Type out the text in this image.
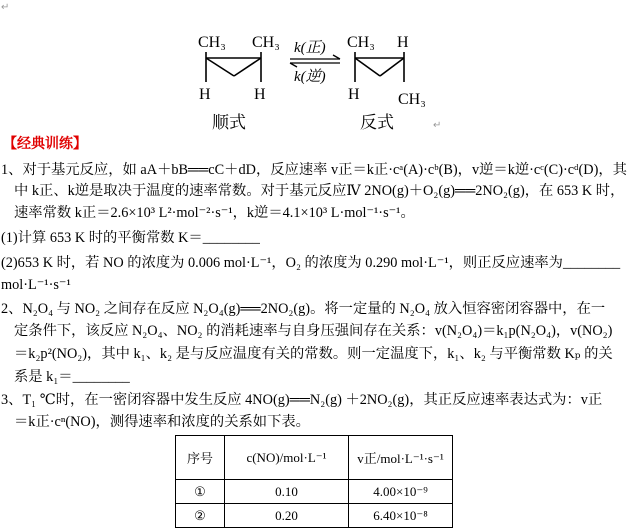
↵
CH₃ CH₃
H	H
顺式
k(正)
k(逆)
CH₃ H
H CH₃
反式	↵
【经典训练】
1、对于基元反应，如 aA＋bB══cC＋dD，反应速率 v正＝k正·cᵃ(A)·cᵇ(B)，v逆＝k逆·cᶜ(C)·cᵈ(D)，其
中 k正、k逆是取决于温度的速率常数。对于基元反应Ⅳ 2NO(g)＋O₂(g)══2NO₂(g)，在 653 K 时，
速率常数 k正＝2.6×10³ L²·mol⁻²·s⁻¹，k逆＝4.1×10³ L·mol⁻¹·s⁻¹。
(1)计算 653 K 时的平衡常数 K＝________
(2)653 K 时，若 NO 的浓度为 0.006 mol·L⁻¹，O₂ 的浓度为 0.290 mol·L⁻¹，则正反应速率为________
mol·L⁻¹·s⁻¹
2、N₂O₄ 与 NO₂ 之间存在反应 N₂O₄(g)══2NO₂(g)。将一定量的 N₂O₄ 放入恒容密闭容器中，在一
定条件下，该反应 N₂O₄、NO₂ 的消耗速率与自身压强间存在关系：v(N₂O₄)＝k₁p(N₂O₄)，v(NO₂)
＝k₂p²(NO₂)，其中 k₁、k₂ 是与反应温度有关的常数。则一定温度下，k₁、k₂ 与平衡常数 Kₚ 的关
系是 k₁＝________
3、T₁ ℃时，在一密闭容器中发生反应 4NO(g)══N₂(g) ＋2NO₂(g)，其正反应速率表达式为：v正
＝k正·cⁿ(NO)，测得速率和浓度的关系如下表。
序号	c(NO)/mol·L⁻¹	v正/mol·L⁻¹·s⁻¹
①	0.10	4.00×10⁻⁹
②	0.20	6.40×10⁻⁸
